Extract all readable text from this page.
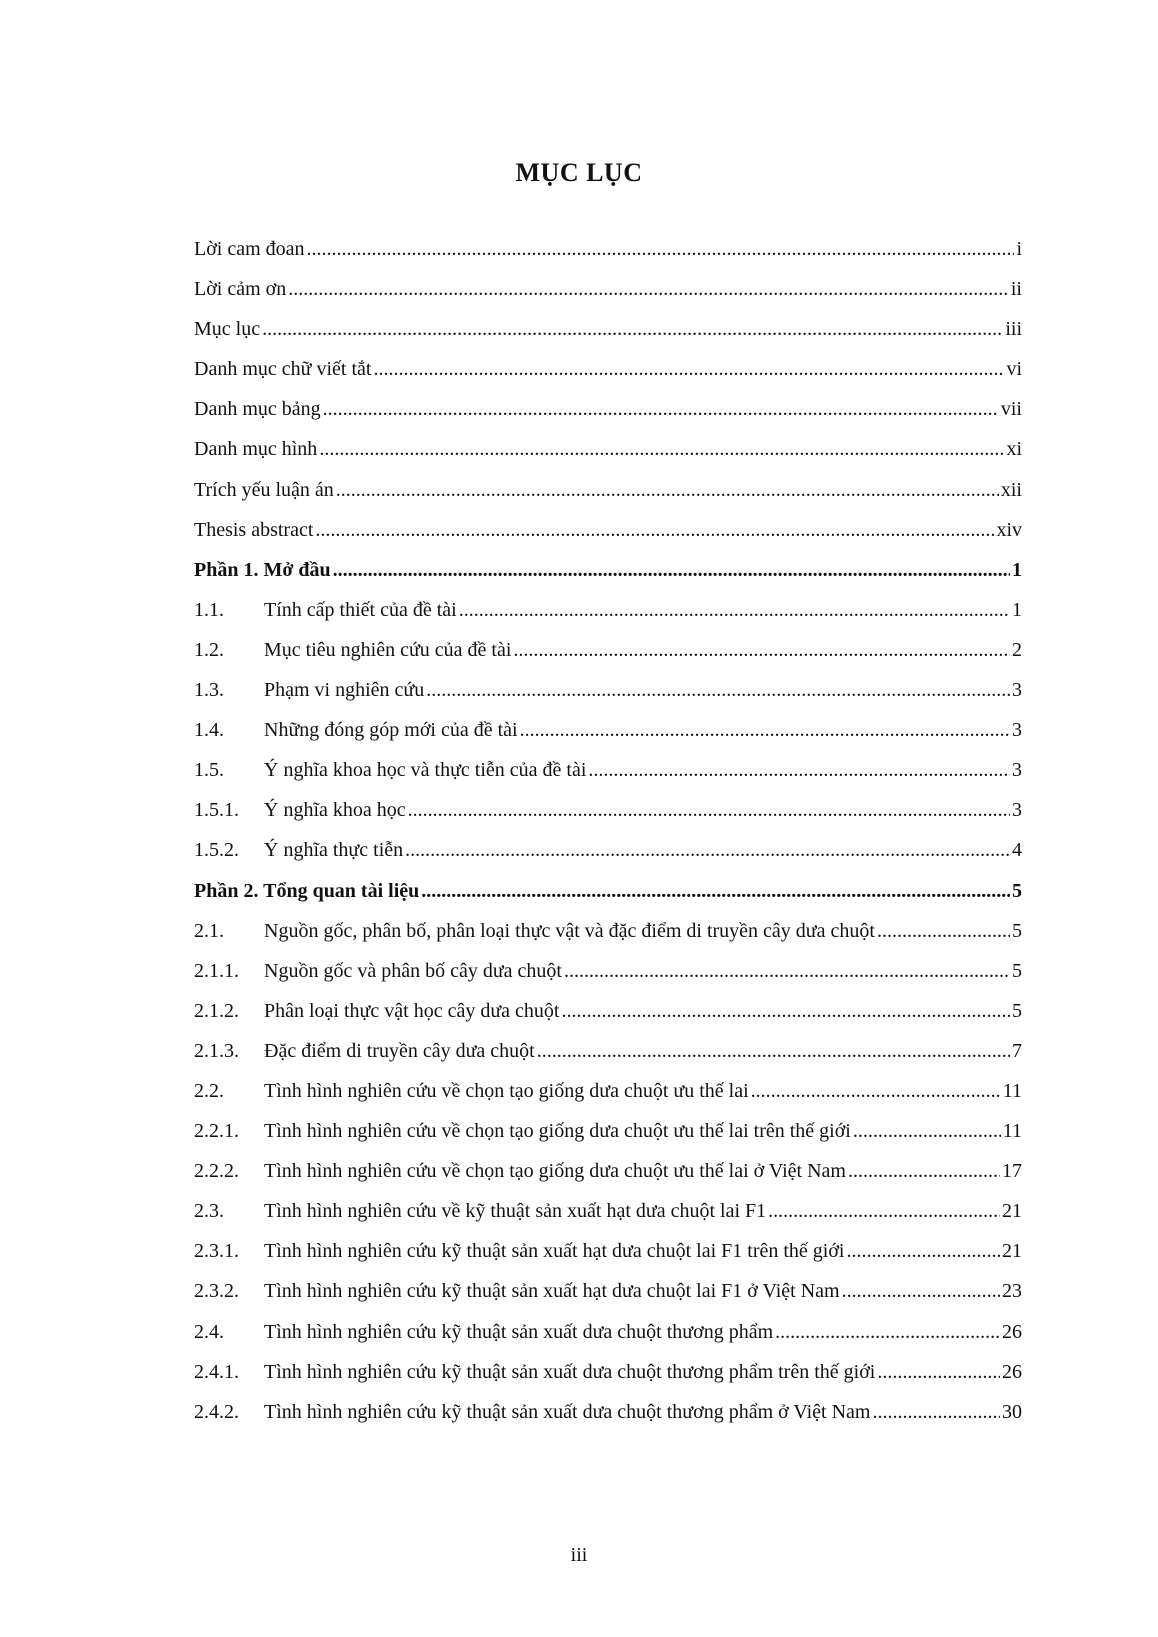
MỤC LỤC
Lời cam đoan .....	i
Lời cảm ơn .....	ii
Mục lục .....	iii
Danh mục chữ viết tắt .....	vi
Danh mục bảng .....	vii
Danh mục hình .....	xi
Trích yếu luận án .....	xii
Thesis abstract .....	xiv
Phần 1. Mở đầu .....	1
1.1.	Tính cấp thiết của đề tài .....	1
1.2.	Mục tiêu nghiên cứu của đề tài .....	2
1.3.	Phạm vi nghiên cứu .....	3
1.4.	Những đóng góp mới của đề tài .....	3
1.5.	Ý nghĩa khoa học và thực tiễn của đề tài .....	3
1.5.1.	Ý nghĩa khoa học .....	3
1.5.2.	Ý nghĩa thực tiễn .....	4
Phần 2. Tổng quan tài liệu .....	5
2.1.	Nguồn gốc, phân bố, phân loại thực vật và đặc điểm di truyền cây dưa chuột .....	5
2.1.1.	Nguồn gốc và phân bố cây dưa chuột .....	5
2.1.2.	Phân loại thực vật học cây dưa chuột .....	5
2.1.3.	Đặc điểm di truyền cây dưa chuột .....	7
2.2.	Tình hình nghiên cứu về chọn tạo giống dưa chuột ưu thế lai .....	11
2.2.1.	Tình hình nghiên cứu về chọn tạo giống dưa chuột ưu thế lai trên thế giới .....	11
2.2.2.	Tình hình nghiên cứu về chọn tạo giống dưa chuột ưu thế lai ở Việt Nam .....	17
2.3.	Tình hình nghiên cứu về kỹ thuật sản xuất hạt dưa chuột lai F1 .....	21
2.3.1.	Tình hình nghiên cứu kỹ thuật sản xuất hạt dưa chuột lai F1 trên thế giới .....	21
2.3.2.	Tình hình nghiên cứu kỹ thuật sản xuất hạt dưa chuột lai F1 ở Việt Nam .....	23
2.4.	Tình hình nghiên cứu kỹ thuật sản xuất dưa chuột thương phẩm .....	26
2.4.1.	Tình hình nghiên cứu kỹ thuật sản xuất dưa chuột thương phẩm trên thế giới .....	26
2.4.2.	Tình hình nghiên cứu kỹ thuật sản xuất dưa chuột thương phẩm ở Việt Nam .....	30
iii
